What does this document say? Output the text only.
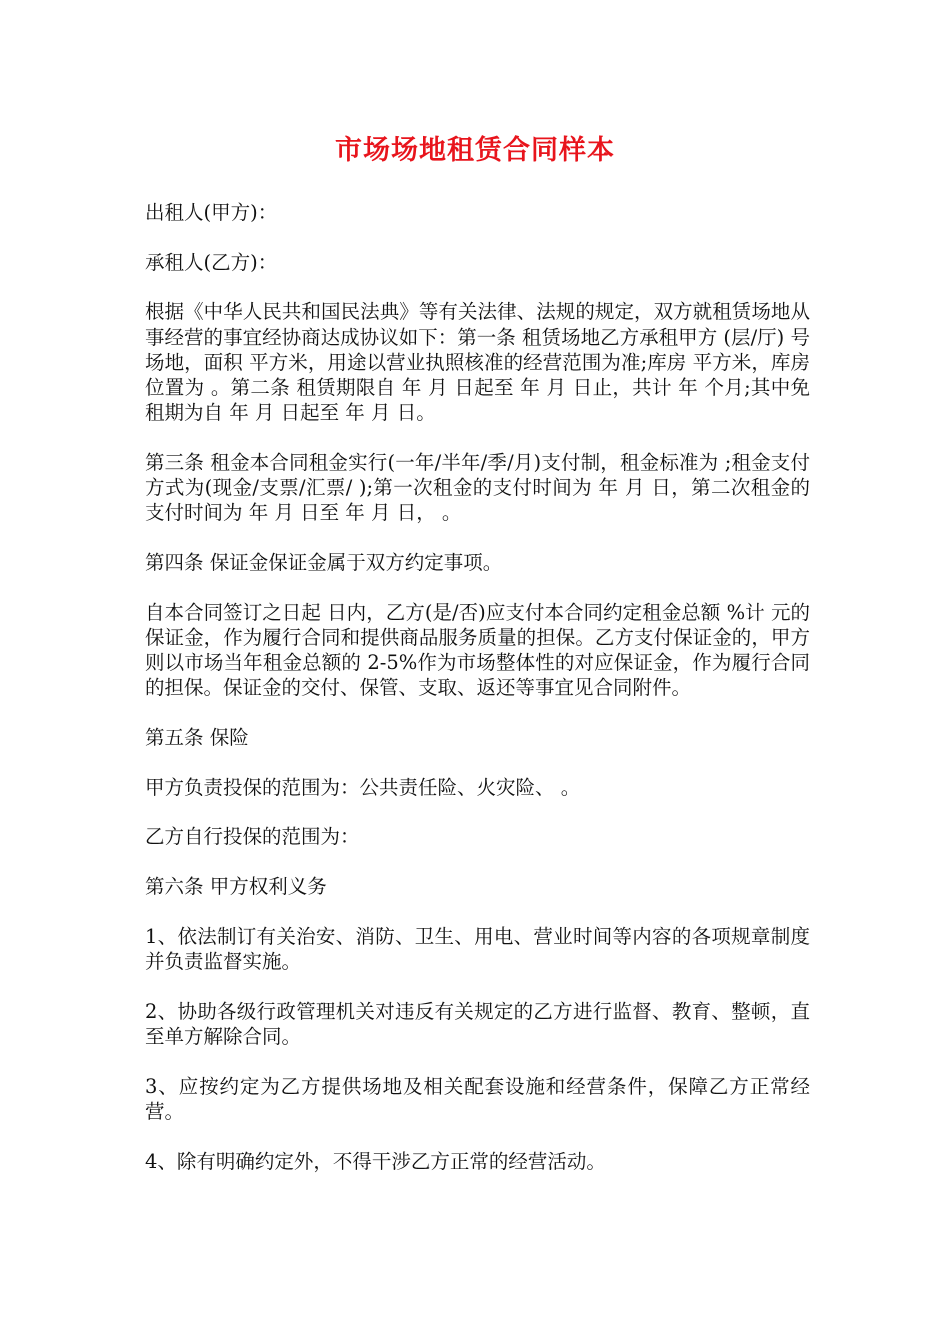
市场场地租赁合同样本

出租人(甲方)：

承租人(乙方)：

根据《中华人民共和国民法典》等有关法律、法规的规定，双方就租赁场地从事经营的事宜经协商达成协议如下：第一条 租赁场地乙方承租甲方 (层/厅) 号场地，面积 平方米，用途以营业执照核准的经营范围为准;库房 平方米，库房位置为 。第二条 租赁期限自 年 月 日起至 年 月 日止，共计 年 个月;其中免租期为自 年 月 日起至 年 月 日。

第三条 租金本合同租金实行(一年/半年/季/月)支付制，租金标准为 ;租金支付方式为(现金/支票/汇票/ );第一次租金的支付时间为 年 月 日，第二次租金的支付时间为 年 月 日至 年 月 日， 。

第四条 保证金保证金属于双方约定事项。

自本合同签订之日起 日内，乙方(是/否)应支付本合同约定租金总额 %计 元的保证金，作为履行合同和提供商品服务质量的担保。乙方支付保证金的，甲方则以市场当年租金总额的 2-5%作为市场整体性的对应保证金，作为履行合同的担保。保证金的交付、保管、支取、返还等事宜见合同附件。

第五条 保险

甲方负责投保的范围为：公共责任险、火灾险、 。

乙方自行投保的范围为：

第六条 甲方权利义务

1、依法制订有关治安、消防、卫生、用电、营业时间等内容的各项规章制度并负责监督实施。

2、协助各级行政管理机关对违反有关规定的乙方进行监督、教育、整顿，直至单方解除合同。

3、应按约定为乙方提供场地及相关配套设施和经营条件，保障乙方正常经营。

4、除有明确约定外，不得干涉乙方正常的经营活动。
